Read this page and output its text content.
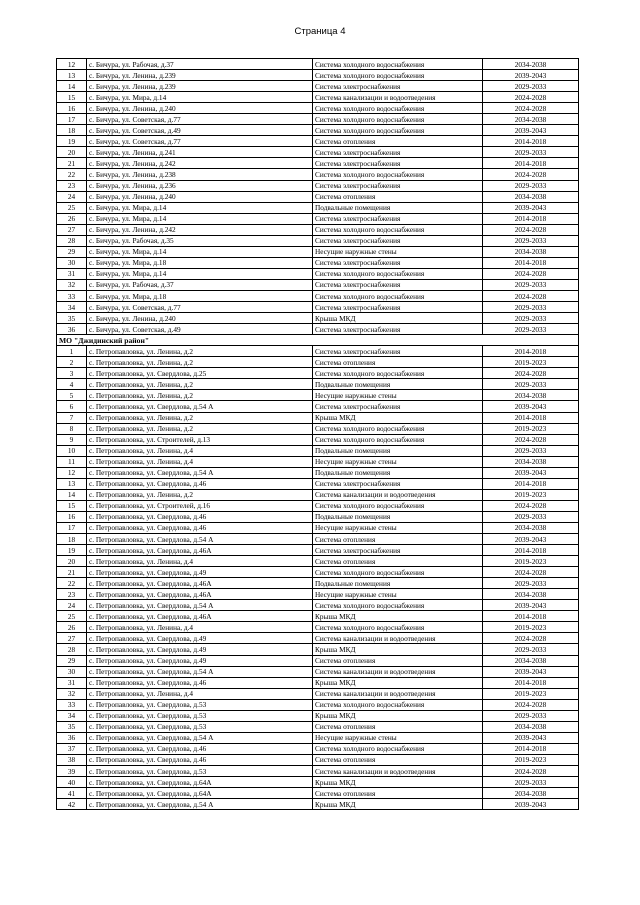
Страница 4
12	с. Бичура, ул. Рабочая, д.37	Система холодного водоснабжения	2034-2038
13	с. Бичура, ул. Ленина, д.239	Система холодного водоснабжения	2039-2043
14	с. Бичура, ул. Ленина, д.239	Система электроснабжения	2029-2033
15	с. Бичура, ул. Мира, д.14	Система канализации и водоотведения	2024-2028
16	с. Бичура, ул. Ленина, д.240	Система холодного водоснабжения	2024-2028
17	с. Бичура, ул. Советская, д.77	Система холодного водоснабжения	2034-2038
18	с. Бичура, ул. Советская, д.49	Система холодного водоснабжения	2039-2043
19	с. Бичура, ул. Советская, д.77	Система отопления	2014-2018
20	с. Бичура, ул. Ленина, д.241	Система электроснабжения	2029-2033
21	с. Бичура, ул. Ленина, д.242	Система электроснабжения	2014-2018
22	с. Бичура, ул. Ленина, д.238	Система холодного водоснабжения	2024-2028
23	с. Бичура, ул. Ленина, д.236	Система электроснабжения	2029-2033
24	с. Бичура, ул. Ленина, д.240	Система отопления	2034-2038
25	с. Бичура, ул. Мира, д.14	Подвальные помещения	2039-2043
26	с. Бичура, ул. Мира, д.14	Система электроснабжения	2014-2018
27	с. Бичура, ул. Ленина, д.242	Система холодного водоснабжения	2024-2028
28	с. Бичура, ул. Рабочая, д.35	Система электроснабжения	2029-2033
29	с. Бичура, ул. Мира, д.14	Несущие наружные стены	2034-2038
30	с. Бичура, ул. Мира, д.18	Система электроснабжения	2014-2018
31	с. Бичура, ул. Мира, д.14	Система холодного водоснабжения	2024-2028
32	с. Бичура, ул. Рабочая, д.37	Система электроснабжения	2029-2033
33	с. Бичура, ул. Мира, д.18	Система холодного водоснабжения	2024-2028
34	с. Бичура, ул. Советская, д.77	Система электроснабжения	2029-2033
35	с. Бичура, ул. Ленина, д.240	Крыша МКД	2029-2033
36	с. Бичура, ул. Советская, д.49	Система электроснабжения	2029-2033
МО "Джидинский район"			
1	с. Петропавловка, ул. Ленина, д.2	Система электроснабжения	2014-2018
2	с. Петропавловка, ул. Ленина, д.2	Система отопления	2019-2023
3	с. Петропавловка, ул. Свердлова, д.25	Система холодного водоснабжения	2024-2028
4	с. Петропавловка, ул. Ленина, д.2	Подвальные помещения	2029-2033
5	с. Петропавловка, ул. Ленина, д.2	Несущие наружные стены	2034-2038
6	с. Петропавловка, ул. Свердлова, д.54 А	Система электроснабжения	2039-2043
7	с. Петропавловка, ул. Ленина, д.2	Крыша МКД	2014-2018
8	с. Петропавловка, ул. Ленина, д.2	Система холодного водоснабжения	2019-2023
9	с. Петропавловка, ул. Строителей, д.13	Система холодного водоснабжения	2024-2028
10	с. Петропавловка, ул. Ленина, д.4	Подвальные помещения	2029-2033
11	с. Петропавловка, ул. Ленина, д.4	Несущие наружные стены	2034-2038
12	с. Петропавловка, ул. Свердлова, д.54 А	Подвальные помещения	2039-2043
13	с. Петропавловка, ул. Свердлова, д.46	Система электроснабжения	2014-2018
14	с. Петропавловка, ул. Ленина, д.2	Система канализации и водоотведения	2019-2023
15	с. Петропавловка, ул. Строителей, д.16	Система холодного водоснабжения	2024-2028
16	с. Петропавловка, ул. Свердлова, д.46	Подвальные помещения	2029-2033
17	с. Петропавловка, ул. Свердлова, д.46	Несущие наружные стены	2034-2038
18	с. Петропавловка, ул. Свердлова, д.54 А	Система отопления	2039-2043
19	с. Петропавловка, ул. Свердлова, д.46А	Система электроснабжения	2014-2018
20	с. Петропавловка, ул. Ленина, д.4	Система отопления	2019-2023
21	с. Петропавловка, ул. Свердлова, д.49	Система холодного водоснабжения	2024-2028
22	с. Петропавловка, ул. Свердлова, д.46А	Подвальные помещения	2029-2033
23	с. Петропавловка, ул. Свердлова, д.46А	Несущие наружные стены	2034-2038
24	с. Петропавловка, ул. Свердлова, д.54 А	Система холодного водоснабжения	2039-2043
25	с. Петропавловка, ул. Свердлова, д.46А	Крыша МКД	2014-2018
26	с. Петропавловка, ул. Ленина, д.4	Система холодного водоснабжения	2019-2023
27	с. Петропавловка, ул. Свердлова, д.49	Система канализации и водоотведения	2024-2028
28	с. Петропавловка, ул. Свердлова, д.49	Крыша МКД	2029-2033
29	с. Петропавловка, ул. Свердлова, д.49	Система отопления	2034-2038
30	с. Петропавловка, ул. Свердлова, д.54 А	Система канализации и водоотведения	2039-2043
31	с. Петропавловка, ул. Свердлова, д.46	Крыша МКД	2014-2018
32	с. Петропавловка, ул. Ленина, д.4	Система канализации и водоотведения	2019-2023
33	с. Петропавловка, ул. Свердлова, д.53	Система холодного водоснабжения	2024-2028
34	с. Петропавловка, ул. Свердлова, д.53	Крыша МКД	2029-2033
35	с. Петропавловка, ул. Свердлова, д.53	Система отопления	2034-2038
36	с. Петропавловка, ул. Свердлова, д.54 А	Несущие наружные стены	2039-2043
37	с. Петропавловка, ул. Свердлова, д.46	Система холодного водоснабжения	2014-2018
38	с. Петропавловка, ул. Свердлова, д.46	Система отопления	2019-2023
39	с. Петропавловка, ул. Свердлова, д.53	Система канализации и водоотведения	2024-2028
40	с. Петропавловка, ул. Свердлова, д.64А	Крыша МКД	2029-2033
41	с. Петропавловка, ул. Свердлова, д.64А	Система отопления	2034-2038
42	с. Петропавловка, ул. Свердлова, д.54 А	Крыша МКД	2039-2043
